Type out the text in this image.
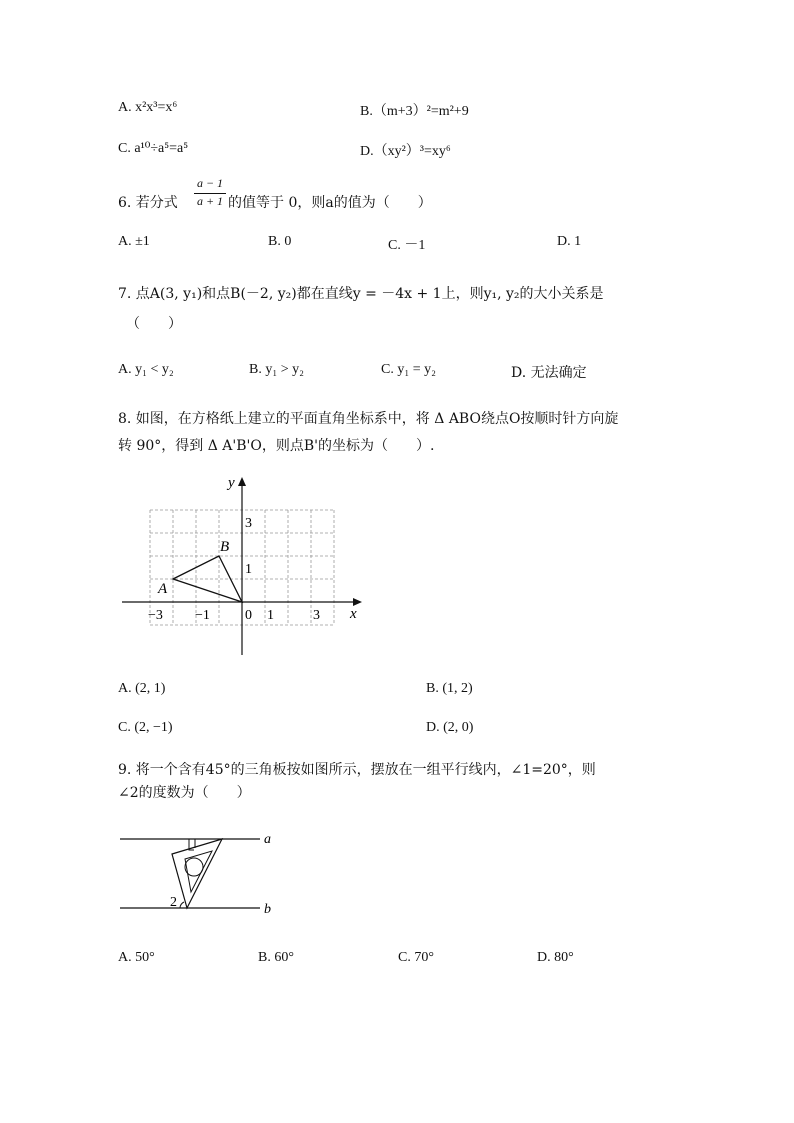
A. x²x³=x⁶	B.（m+3）²=m²+9
C. a¹⁰÷a⁵=a⁵	D.（xy²）³=xy⁶
6. 若分式
a − 1
a + 1 的值等于 0，则a的值为（　　）
A. ±1	B. 0	C. －1	D. 1
7. 点A(3, y₁)和点B(－2, y₂)都在直线y = －4x + 1上，则y₁, y₂的大小关系是
（　　）
A. y₁ < y₂	B. y₁ > y₂	C. y₁ = y₂	D. 无法确定
8. 如图，在方格纸上建立的平面直角坐标系中，将 Δ ABO绕点O按顺时针方向旋
转 90°，得到 Δ A'B'O，则点B'的坐标为（　　）.
y
x
B
A
−3 −1	0 1	3
3
1
A. (2, 1)	B. (1, 2)
C. (2, −1)	D. (2, 0)
9. 将一个含有45°的三角板按如图所示，摆放在一组平行线内，∠1=20°，则
∠2的度数为（　　）
2
a
b
A. 50°	B. 60°	C. 70°	D. 80°
